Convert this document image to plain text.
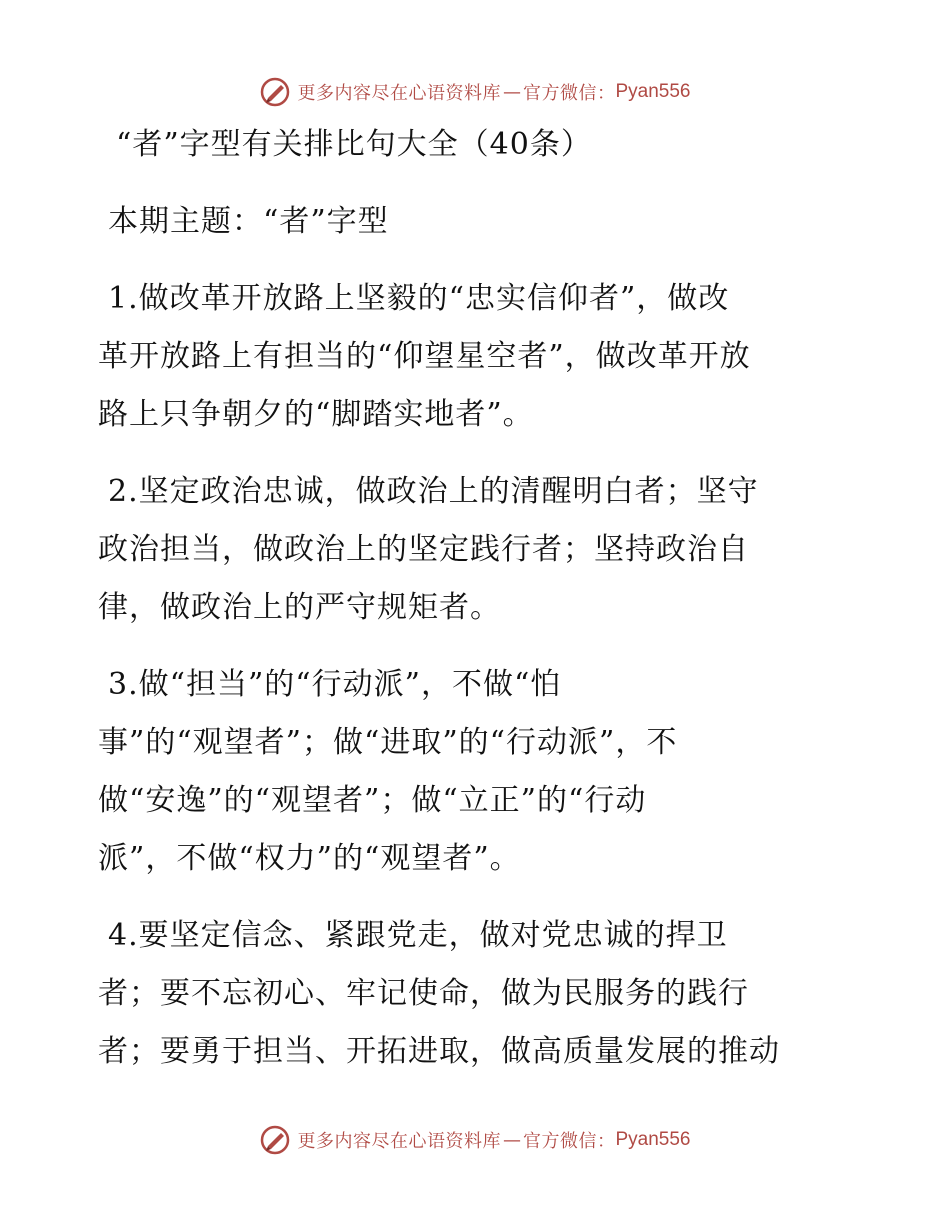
更多内容尽在心语资料库 — 官方微信： Pyan556
“者”字型有关排比句大全（40条）
本期主题：“者”字型
1.做改革开放路上坚毅的“忠实信仰者”，做改
革开放路上有担当的“仰望星空者”，做改革开放
路上只争朝夕的“脚踏实地者”。
2.坚定政治忠诚，做政治上的清醒明白者；坚守
政治担当，做政治上的坚定践行者；坚持政治自
律，做政治上的严守规矩者。
3.做“担当”的“行动派”，不做“怕
事”的“观望者”；做“进取”的“行动派”，不
做“安逸”的“观望者”；做“立正”的“行动
派”，不做“权力”的“观望者”。
4.要坚定信念、紧跟党走，做对党忠诚的捍卫
者；要不忘初心、牢记使命，做为民服务的践行
者；要勇于担当、开拓进取，做高质量发展的推动
更多内容尽在心语资料库 — 官方微信： Pyan556
